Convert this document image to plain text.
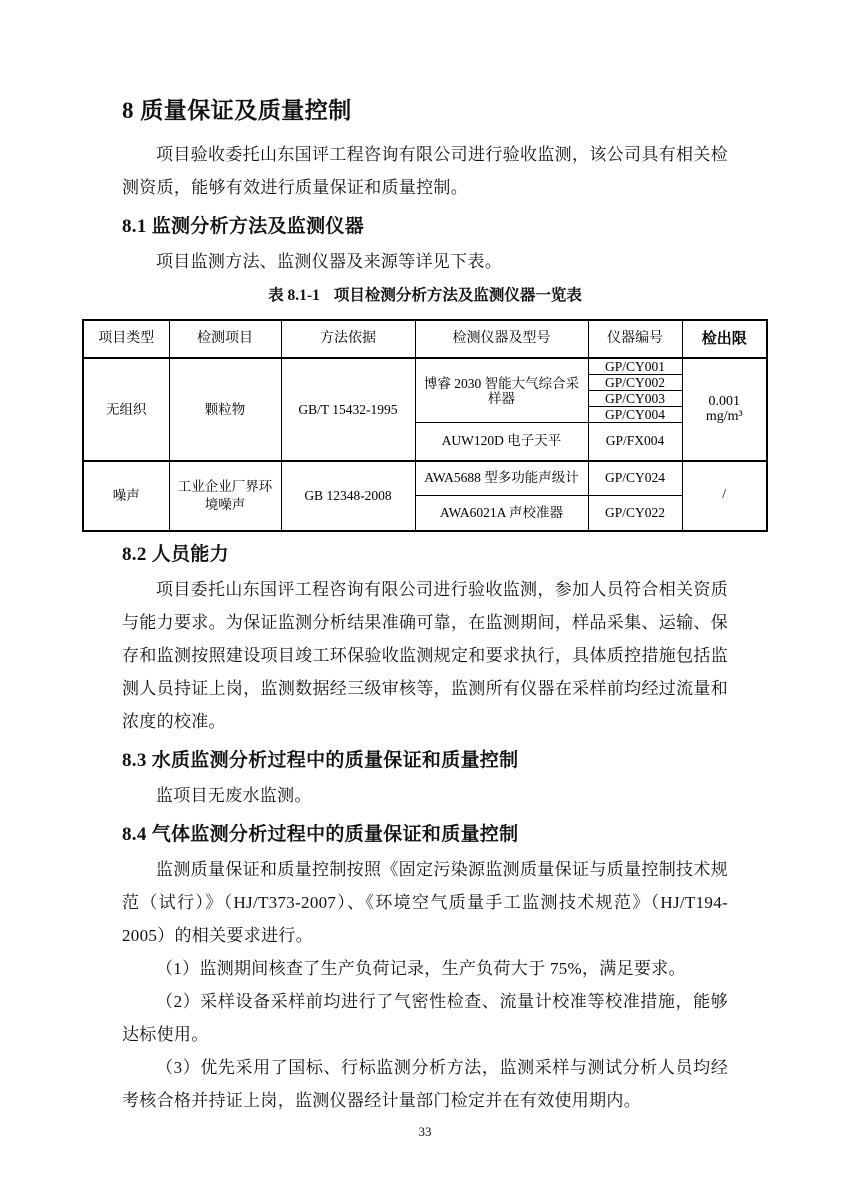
8 质量保证及质量控制

项目验收委托山东国评工程咨询有限公司进行验收监测，该公司具有相关检测资质，能够有效进行质量保证和质量控制。

8.1 监测分析方法及监测仪器

项目监测方法、监测仪器及来源等详见下表。

表 8.1-1 项目检测分析方法及监测仪器一览表
项目类型	检测项目	方法依据	检测仪器及型号	仪器编号	检出限
无组织	颗粒物	GB/T 15432-1995	博睿 2030 智能大气综合采样器	GP/CY001	0.001
mg/m³

				GP/CY002	
				GP/CY003	
				GP/CY004	
			AUW120D 电子天平	GP/FX004	
噪声	工业企业厂界环境噪声	GB 12348-2008	AWA5688 型多功能声级计	GP/CY024	/
			AWA6021A 声校准器	GP/CY022	
8.2 人员能力

项目委托山东国评工程咨询有限公司进行验收监测，参加人员符合相关资质与能力要求。为保证监测分析结果准确可靠，在监测期间，样品采集、运输、保存和监测按照建设项目竣工环保验收监测规定和要求执行，具体质控措施包括监测人员持证上岗，监测数据经三级审核等，监测所有仪器在采样前均经过流量和浓度的校准。

8.3 水质监测分析过程中的质量保证和质量控制

监项目无废水监测。

8.4 气体监测分析过程中的质量保证和质量控制

监测质量保证和质量控制按照《固定污染源监测质量保证与质量控制技术规范（试行）》（HJ/T373-2007）、《环境空气质量手工监测技术规范》（HJ/T194-2005）的相关要求进行。

（1）监测期间核查了生产负荷记录，生产负荷大于 75%，满足要求。

（2）采样设备采样前均进行了气密性检查、流量计校准等校准措施，能够达标使用。

（3）优先采用了国标、行标监测分析方法，监测采样与测试分析人员均经考核合格并持证上岗，监测仪器经计量部门检定并在有效使用期内。

33
